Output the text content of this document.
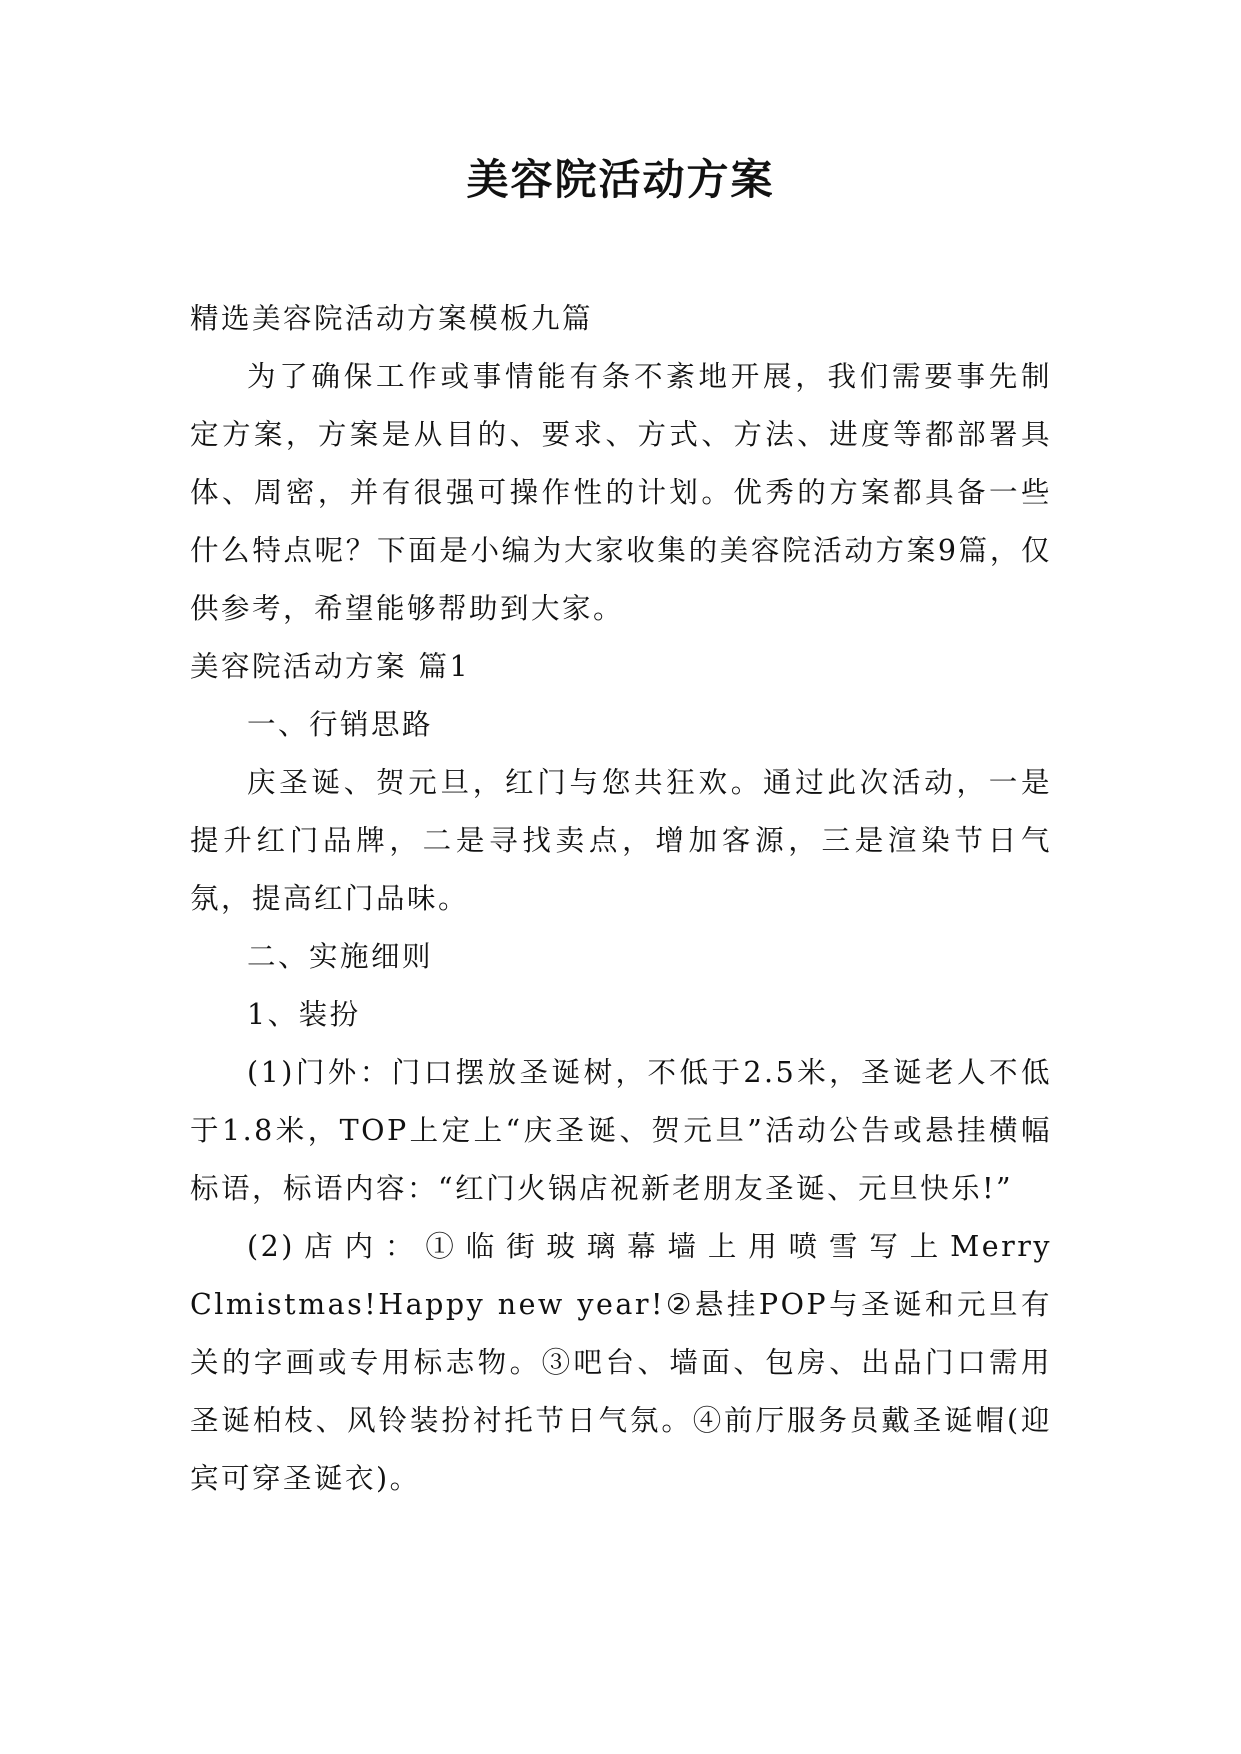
美容院活动方案

精选美容院活动方案模板九篇

为了确保工作或事情能有条不紊地开展，我们需要事先制定方案，方案是从目的、要求、方式、方法、进度等都部署具体、周密，并有很强可操作性的计划。优秀的方案都具备一些什么特点呢？下面是小编为大家收集的美容院活动方案9篇，仅供参考，希望能够帮助到大家。

美容院活动方案 篇1

一、行销思路

庆圣诞、贺元旦，红门与您共狂欢。通过此次活动，一是提升红门品牌，二是寻找卖点，增加客源，三是渲染节日气氛，提高红门品味。

二、实施细则

1、装扮

(1)门外：门口摆放圣诞树，不低于2.5米，圣诞老人不低于1.8米，TOP上定上“庆圣诞、贺元旦”活动公告或悬挂横幅标语，标语内容：“红门火锅店祝新老朋友圣诞、元旦快乐!”

(2)店内：①临街玻璃幕墙上用喷雪写上Merry Clmistmas!Happy new year!②悬挂POP与圣诞和元旦有关的字画或专用标志物。③吧台、墙面、包房、出品门口需用圣诞柏枝、风铃装扮衬托节日气氛。④前厅服务员戴圣诞帽(迎宾可穿圣诞衣)。
